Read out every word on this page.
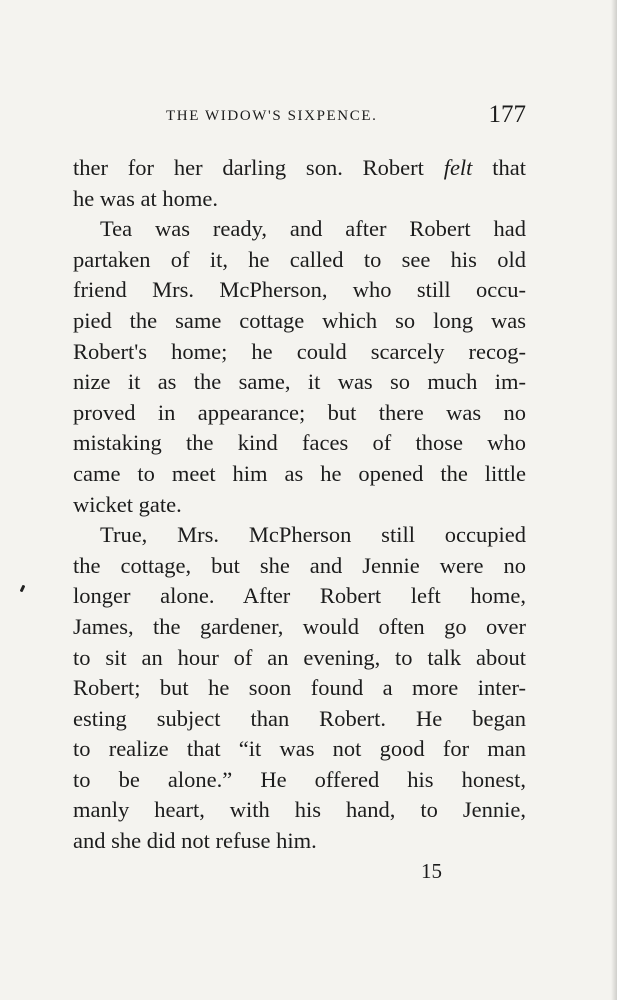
THE WIDOW'S SIXPENCE.	177
ther for her darling son. Robert felt that
he was at home.
Tea was ready, and after Robert had
partaken of it, he called to see his old
friend Mrs. McPherson, who still occu-
pied the same cottage which so long was
Robert's home; he could scarcely recog-
nize it as the same, it was so much im-
proved in appearance; but there was no
mistaking the kind faces of those who
came to meet him as he opened the little
wicket gate.
True, Mrs. McPherson still occupied
the cottage, but she and Jennie were no
longer alone. After Robert left home,
James, the gardener, would often go over
to sit an hour of an evening, to talk about
Robert; but he soon found a more inter-
esting subject than Robert. He began
to realize that “it was not good for man
to be alone.” He offered his honest,
manly heart, with his hand, to Jennie,
and she did not refuse him.
15
